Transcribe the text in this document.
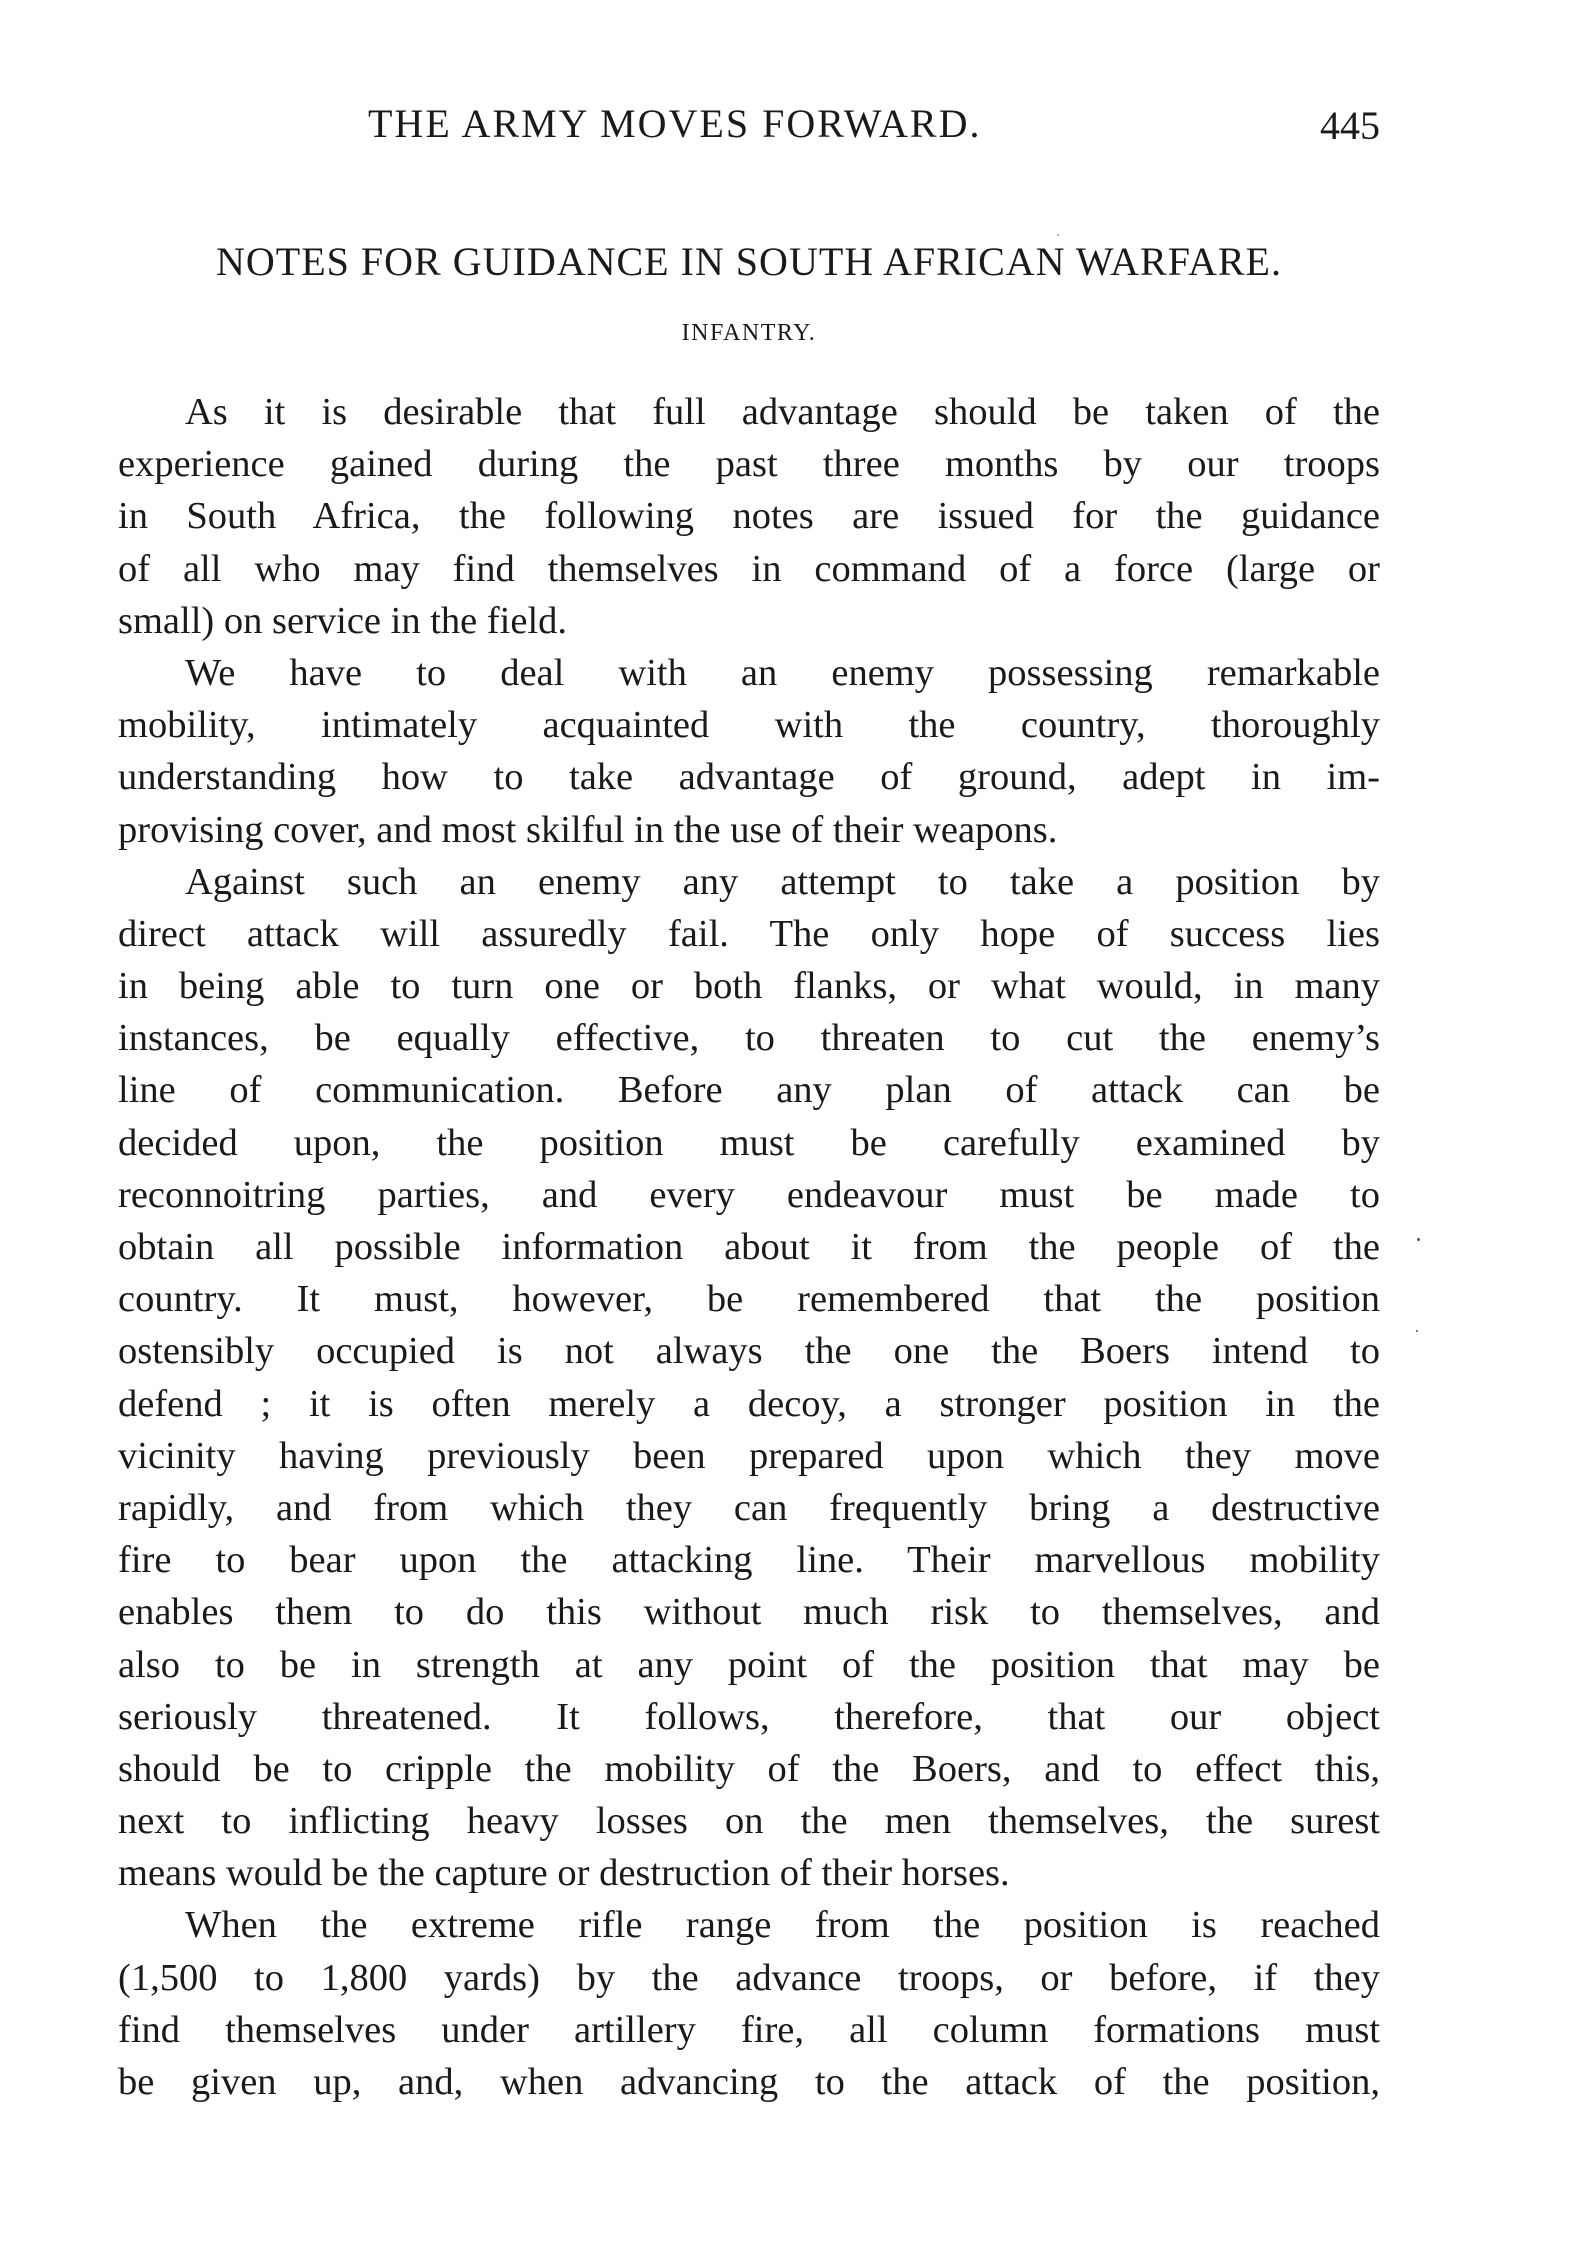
THE ARMY MOVES FORWARD.	445
NOTES FOR GUIDANCE IN SOUTH AFRICAN WARFARE.
INFANTRY.
As it is desirable that full advantage should be taken of the
experience gained during the past three months by our troops
in South Africa, the following notes are issued for the guidance
of all who may find themselves in command of a force (large or
small) on service in the field.
We have to deal with an enemy possessing remarkable
mobility, intimately acquainted with the country, thoroughly
understanding how to take advantage of ground, adept in im-
provising cover, and most skilful in the use of their weapons.
Against such an enemy any attempt to take a position by
direct attack will assuredly fail. The only hope of success lies
in being able to turn one or both flanks, or what would, in many
instances, be equally effective, to threaten to cut the enemy’s
line of communication. Before any plan of attack can be
decided upon, the position must be carefully examined by
reconnoitring parties, and every endeavour must be made to
obtain all possible information about it from the people of the
country. It must, however, be remembered that the position
ostensibly occupied is not always the one the Boers intend to
defend ; it is often merely a decoy, a stronger position in the
vicinity having previously been prepared upon which they move
rapidly, and from which they can frequently bring a destructive
fire to bear upon the attacking line. Their marvellous mobility
enables them to do this without much risk to themselves, and
also to be in strength at any point of the position that may be
seriously threatened. It follows, therefore, that our object
should be to cripple the mobility of the Boers, and to effect this,
next to inflicting heavy losses on the men themselves, the surest
means would be the capture or destruction of their horses.
When the extreme rifle range from the position is reached
(1,500 to 1,800 yards) by the advance troops, or before, if they
find themselves under artillery fire, all column formations must
be given up, and, when advancing to the attack of the position,
